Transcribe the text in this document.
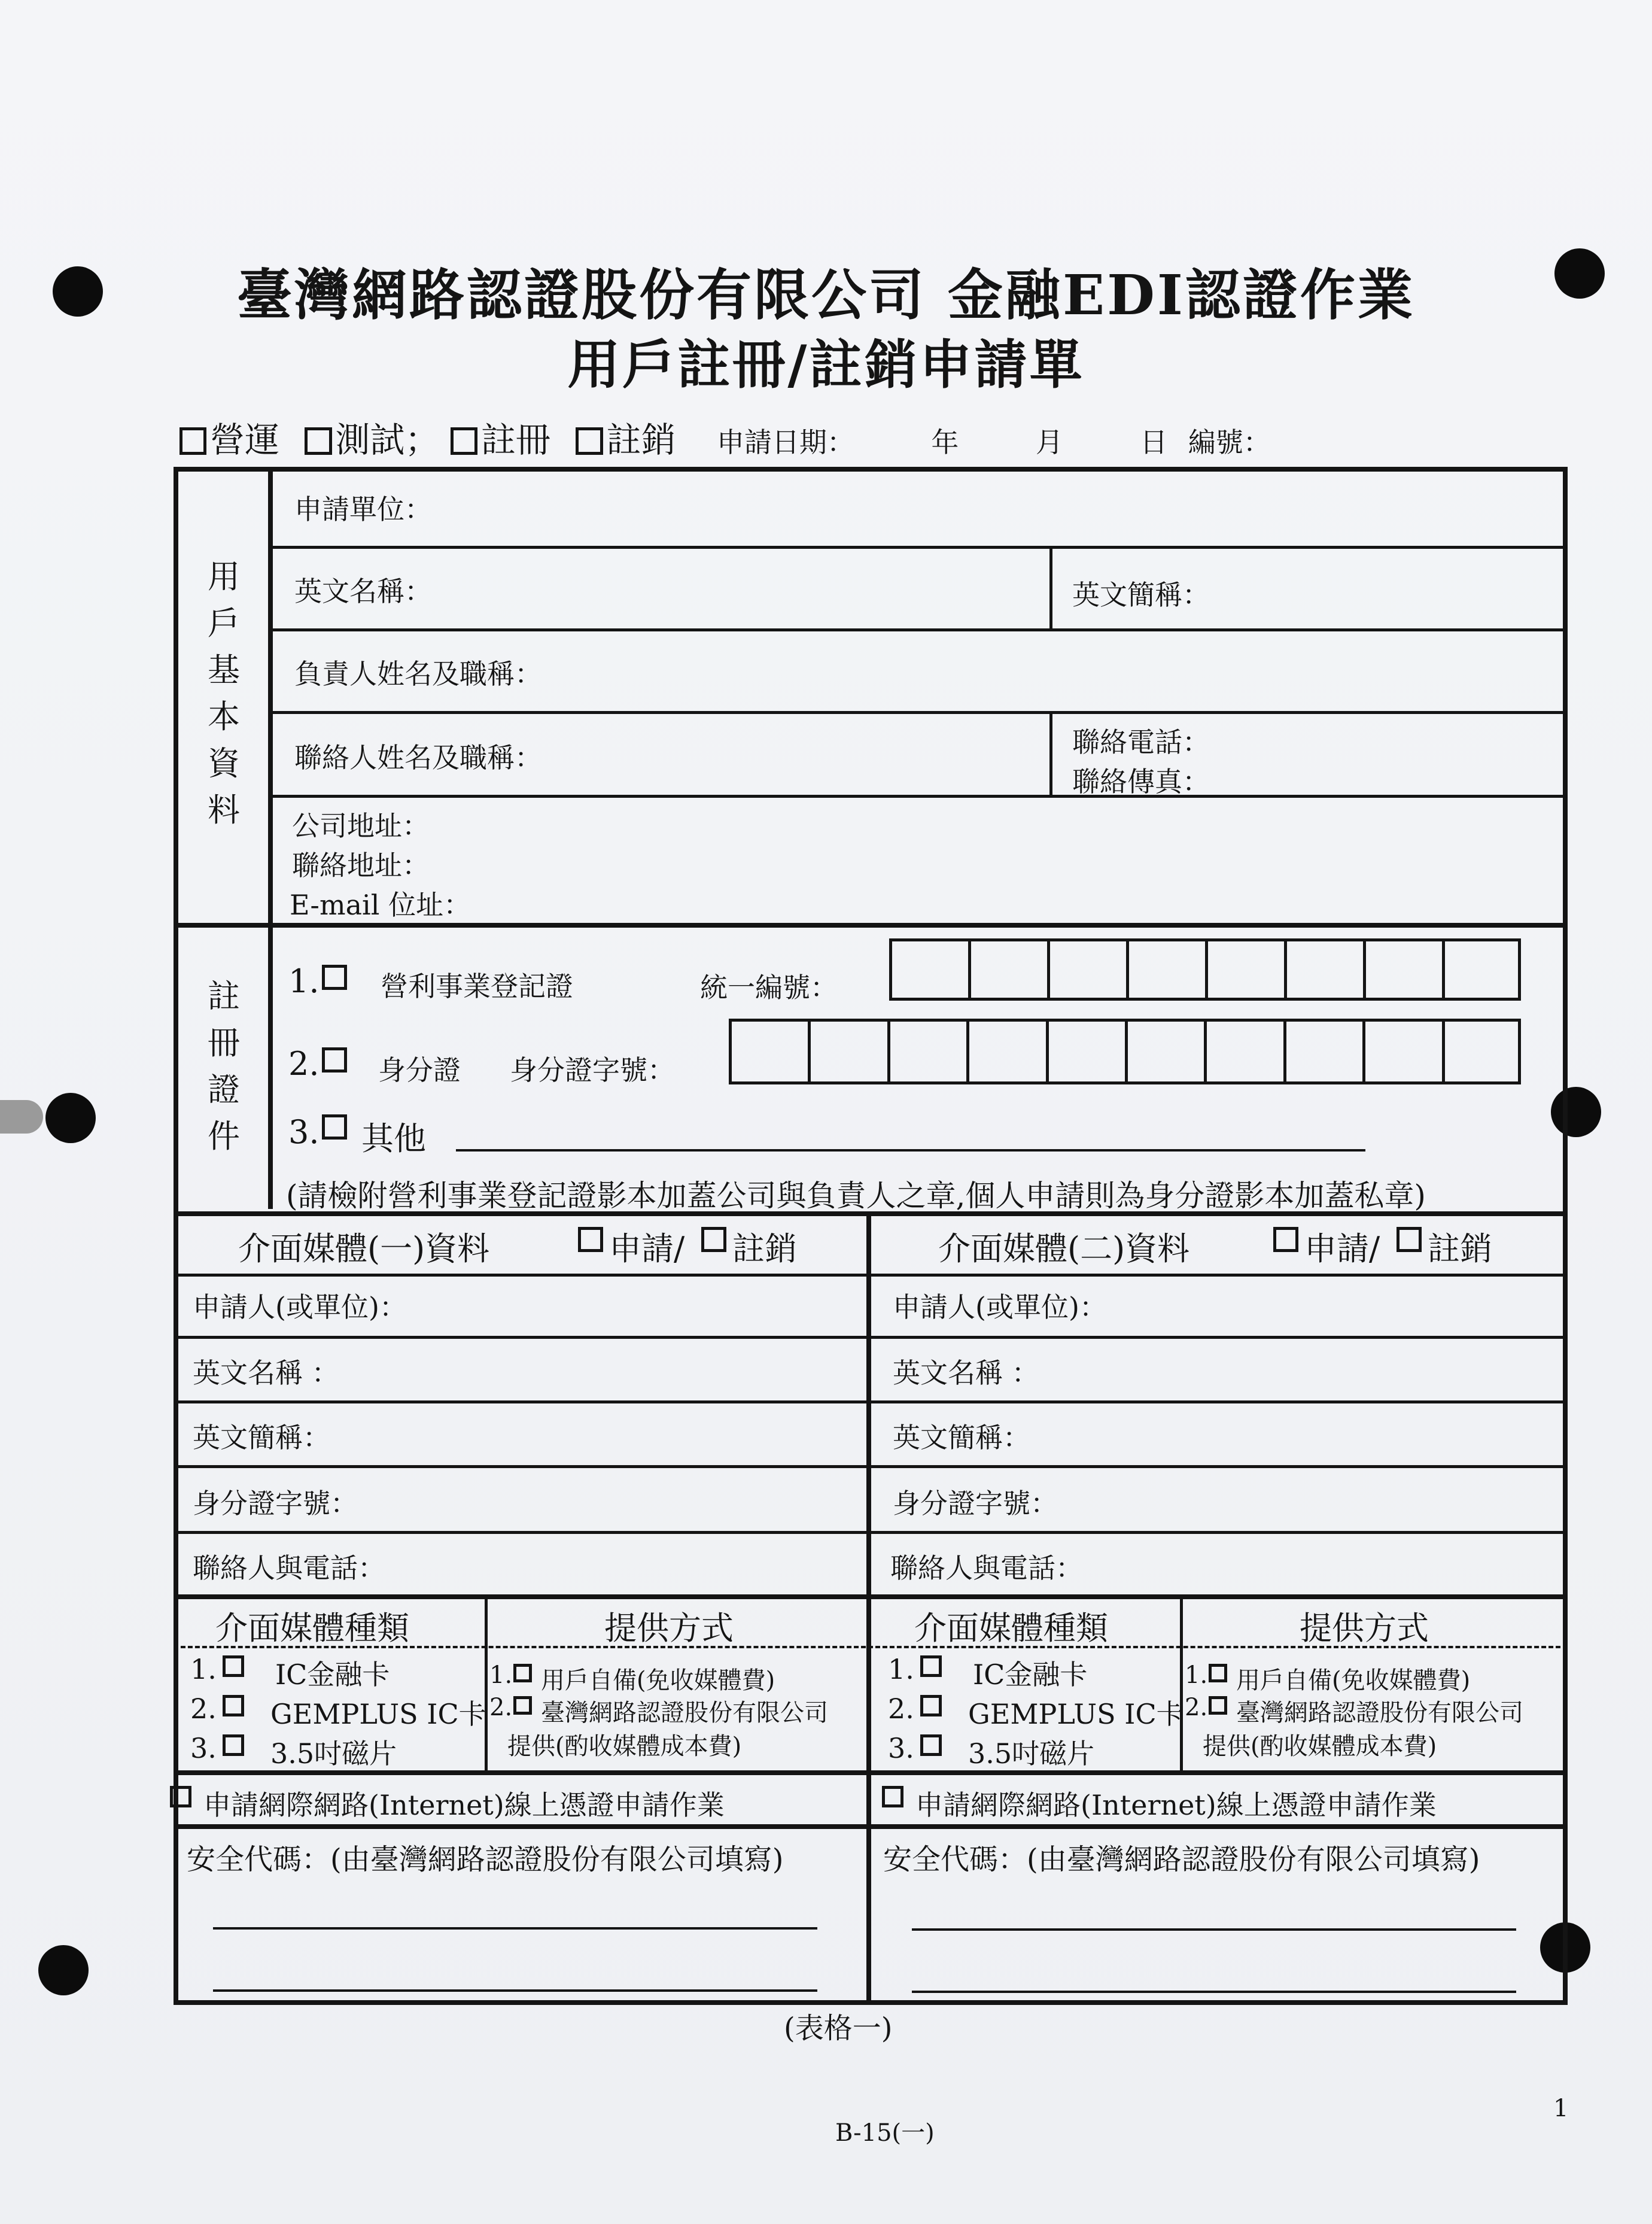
臺灣網路認證股份有限公司 金融EDI認證作業
用戶註冊/註銷申請單
營運 測試； 註冊 註銷 申請日期：	年	月	日 編號：
用戶基本資料
申請單位：
英文名稱：	英文簡稱：
負責人姓名及職稱：
聯絡人姓名及職稱：	聯絡電話：
聯絡傳真：
公司地址：
聯絡地址：
E-mail 位址：
註冊證件
1. 營利事業登記證	統一編號：
2. 身分證 身分證字號：
3. 其他
(請檢附營利事業登記證影本加蓋公司與負責人之章,個人申請則為身分證影本加蓋私章)
介面媒體(一)資料	申請/ 註銷
申請人(或單位)：
英文名稱 ：
英文簡稱：
身分證字號：
聯絡人與電話：
介面媒體種類	提供方式
1. IC金融卡
2. GEMPLUS IC卡
3. 3.5吋磁片
1. 用戶自備(免收媒體費)
2. 臺灣網路認證股份有限公司
提供(酌收媒體成本費)
申請網際網路(Internet)線上憑證申請作業
安全代碼：(由臺灣網路認證股份有限公司填寫)
介面媒體(二)資料	申請/ 註銷
申請人(或單位)：
英文名稱 ：
英文簡稱：
身分證字號：
聯絡人與電話：
介面媒體種類	提供方式
1. IC金融卡
2. GEMPLUS IC卡
3. 3.5吋磁片
1. 用戶自備(免收媒體費)
2. 臺灣網路認證股份有限公司
提供(酌收媒體成本費)
申請網際網路(Internet)線上憑證申請作業
安全代碼：(由臺灣網路認證股份有限公司填寫)
(表格一)
B-15(一)
1
